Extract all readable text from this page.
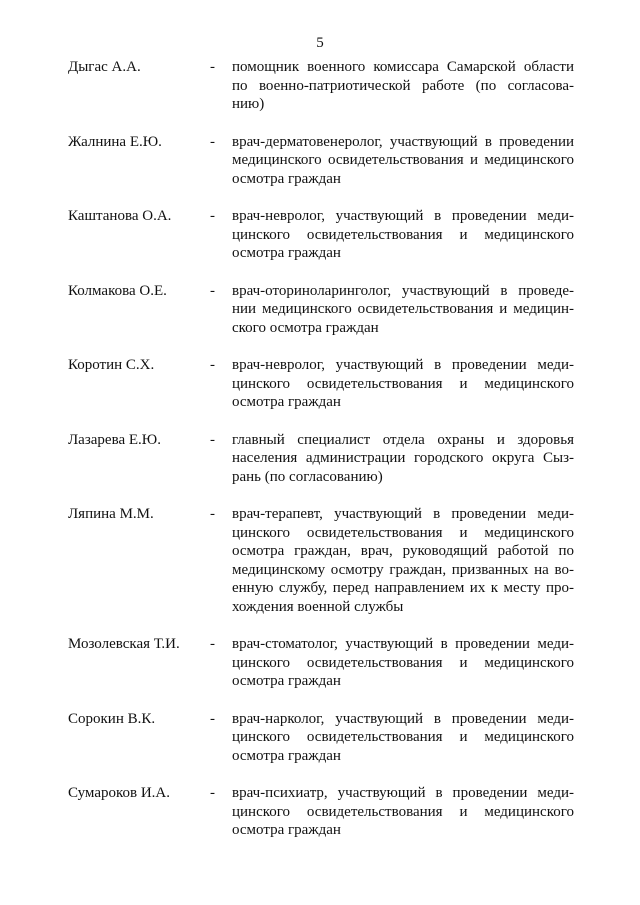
5
Дыгас А.А.	- помощник военного комиссара Самарской области
по военно-патриотической работе (по согласова-
нию)
Жалнина Е.Ю.	- врач-дерматовенеролог, участвующий в проведении
медицинского освидетельствования и медицинского
осмотра граждан
Каштанова О.А.	- врач-невролог, участвующий в проведении меди-
цинского освидетельствования и медицинского
осмотра граждан
Колмакова О.Е.	- врач-оториноларинголог, участвующий в проведе-
нии медицинского освидетельствования и медицин-
ского осмотра граждан
Коротин С.Х.	- врач-невролог, участвующий в проведении меди-
цинского освидетельствования и медицинского
осмотра граждан
Лазарева Е.Ю.	- главный специалист отдела охраны и здоровья
населения администрации городского округа Сыз-
рань (по согласованию)
Ляпина М.М.	- врач-терапевт, участвующий в проведении меди-
цинского освидетельствования и медицинского
осмотра граждан, врач, руководящий работой по
медицинскому осмотру граждан, призванных на во-
енную службу, перед направлением их к месту про-
хождения военной службы
Мозолевская Т.И. - врач-стоматолог, участвующий в проведении меди-
цинского освидетельствования и медицинского
осмотра граждан
Сорокин В.К.	- врач-нарколог, участвующий в проведении меди-
цинского освидетельствования и медицинского
осмотра граждан
Сумароков И.А.	- врач-психиатр, участвующий в проведении меди-
цинского освидетельствования и медицинского
осмотра граждан
